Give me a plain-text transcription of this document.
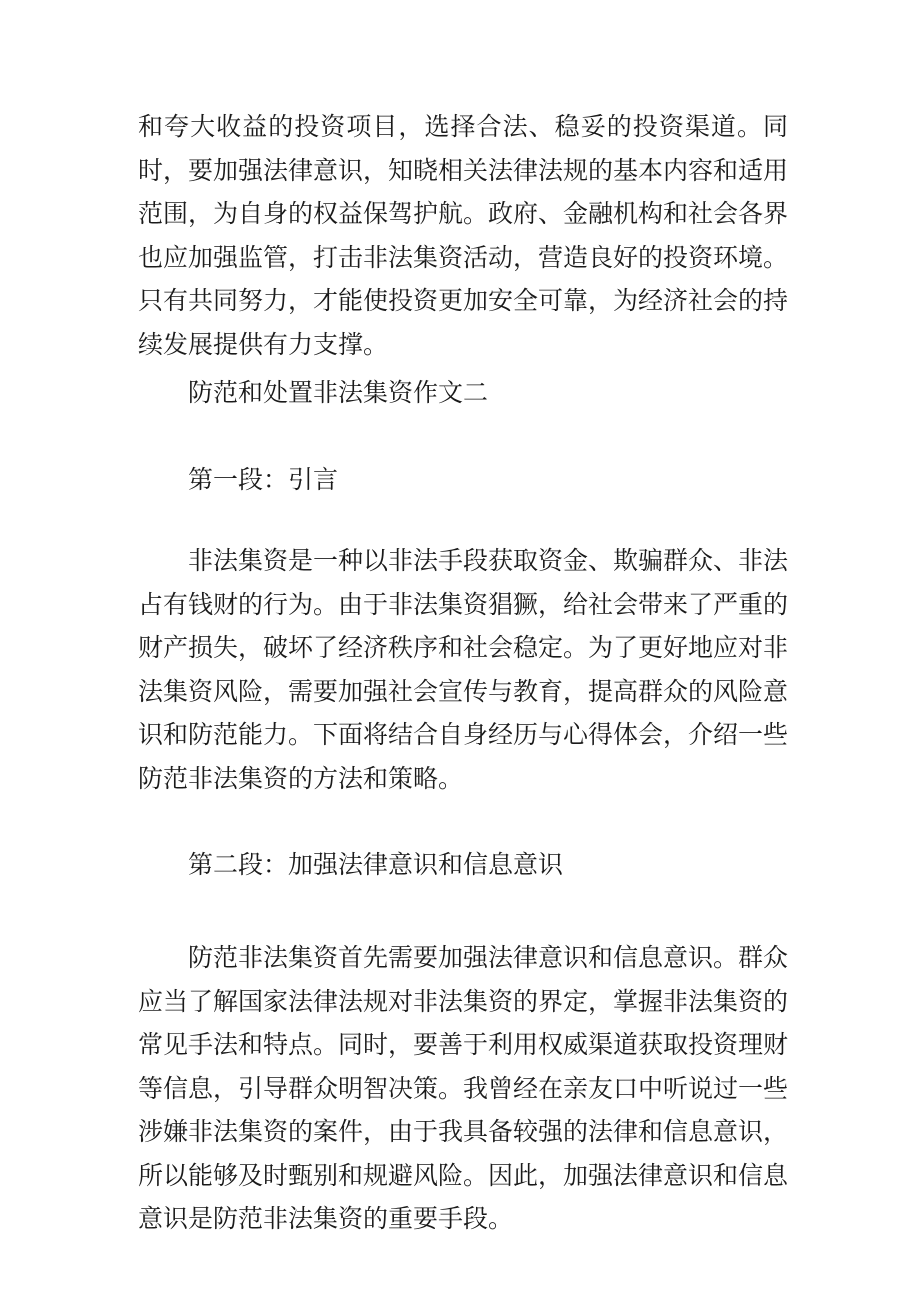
和夸大收益的投资项目，选择合法、稳妥的投资渠道。同时，要加强法律意识，知晓相关法律法规的基本内容和适用范围，为自身的权益保驾护航。政府、金融机构和社会各界也应加强监管，打击非法集资活动，营造良好的投资环境。只有共同努力，才能使投资更加安全可靠，为经济社会的持续发展提供有力支撑。

防范和处置非法集资作文二

第一段：引言

非法集资是一种以非法手段获取资金、欺骗群众、非法占有钱财的行为。由于非法集资猖獗，给社会带来了严重的财产损失，破坏了经济秩序和社会稳定。为了更好地应对非法集资风险，需要加强社会宣传与教育，提高群众的风险意识和防范能力。下面将结合自身经历与心得体会，介绍一些防范非法集资的方法和策略。

第二段：加强法律意识和信息意识

防范非法集资首先需要加强法律意识和信息意识。群众应当了解国家法律法规对非法集资的界定，掌握非法集资的常见手法和特点。同时，要善于利用权威渠道获取投资理财等信息，引导群众明智决策。我曾经在亲友口中听说过一些涉嫌非法集资的案件，由于我具备较强的法律和信息意识，所以能够及时甄别和规避风险。因此，加强法律意识和信息意识是防范非法集资的重要手段。
